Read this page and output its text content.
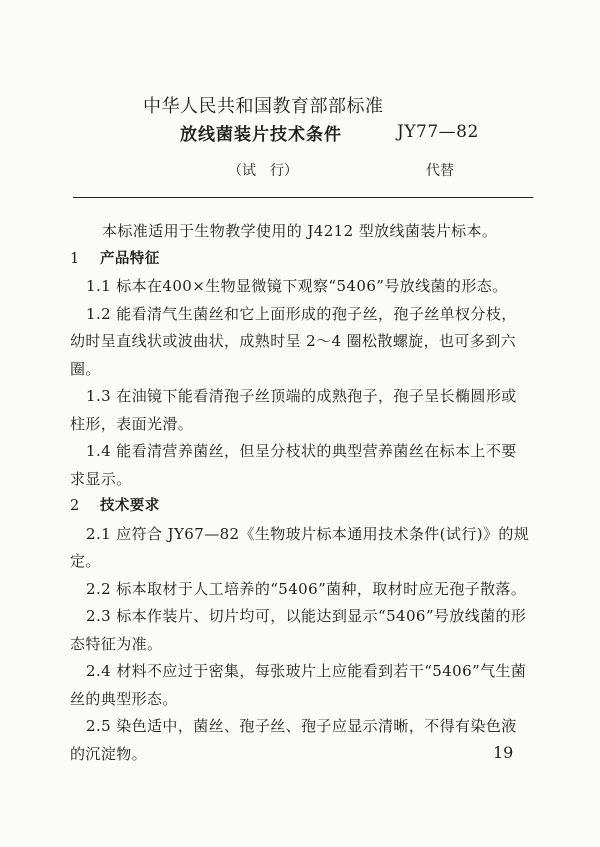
中华人民共和国教育部部标准
放线菌装片技术条件	JY77—82
（试　行）	代替

本标准适用于生物教学使用的 J4212 型放线菌装片标本。

1 产品特征

1.1 标本在400×生物显微镜下观察“5406”号放线菌的形态。

1.2 能看清气生菌丝和它上面形成的孢子丝，孢子丝单杈分枝，幼时呈直线状或波曲状，成熟时呈 2～4 圈松散螺旋，也可多到六圈。

1.3 在油镜下能看清孢子丝顶端的成熟孢子，孢子呈长椭圆形或柱形，表面光滑。

1.4 能看清营养菌丝，但呈分枝状的典型营养菌丝在标本上不要求显示。

2 技术要求

2.1 应符合 JY67—82《生物玻片标本通用技术条件(试行)》的规定。

2.2 标本取材于人工培养的“5406”菌种，取材时应无孢子散落。

2.3 标本作装片、切片均可，以能达到显示“5406”号放线菌的形态特征为准。

2.4 材料不应过于密集，每张玻片上应能看到若干“5406”气生菌丝的典型形态。

2.5 染色适中，菌丝、孢子丝、孢子应显示清晰，不得有染色液的沉淀物。	19
